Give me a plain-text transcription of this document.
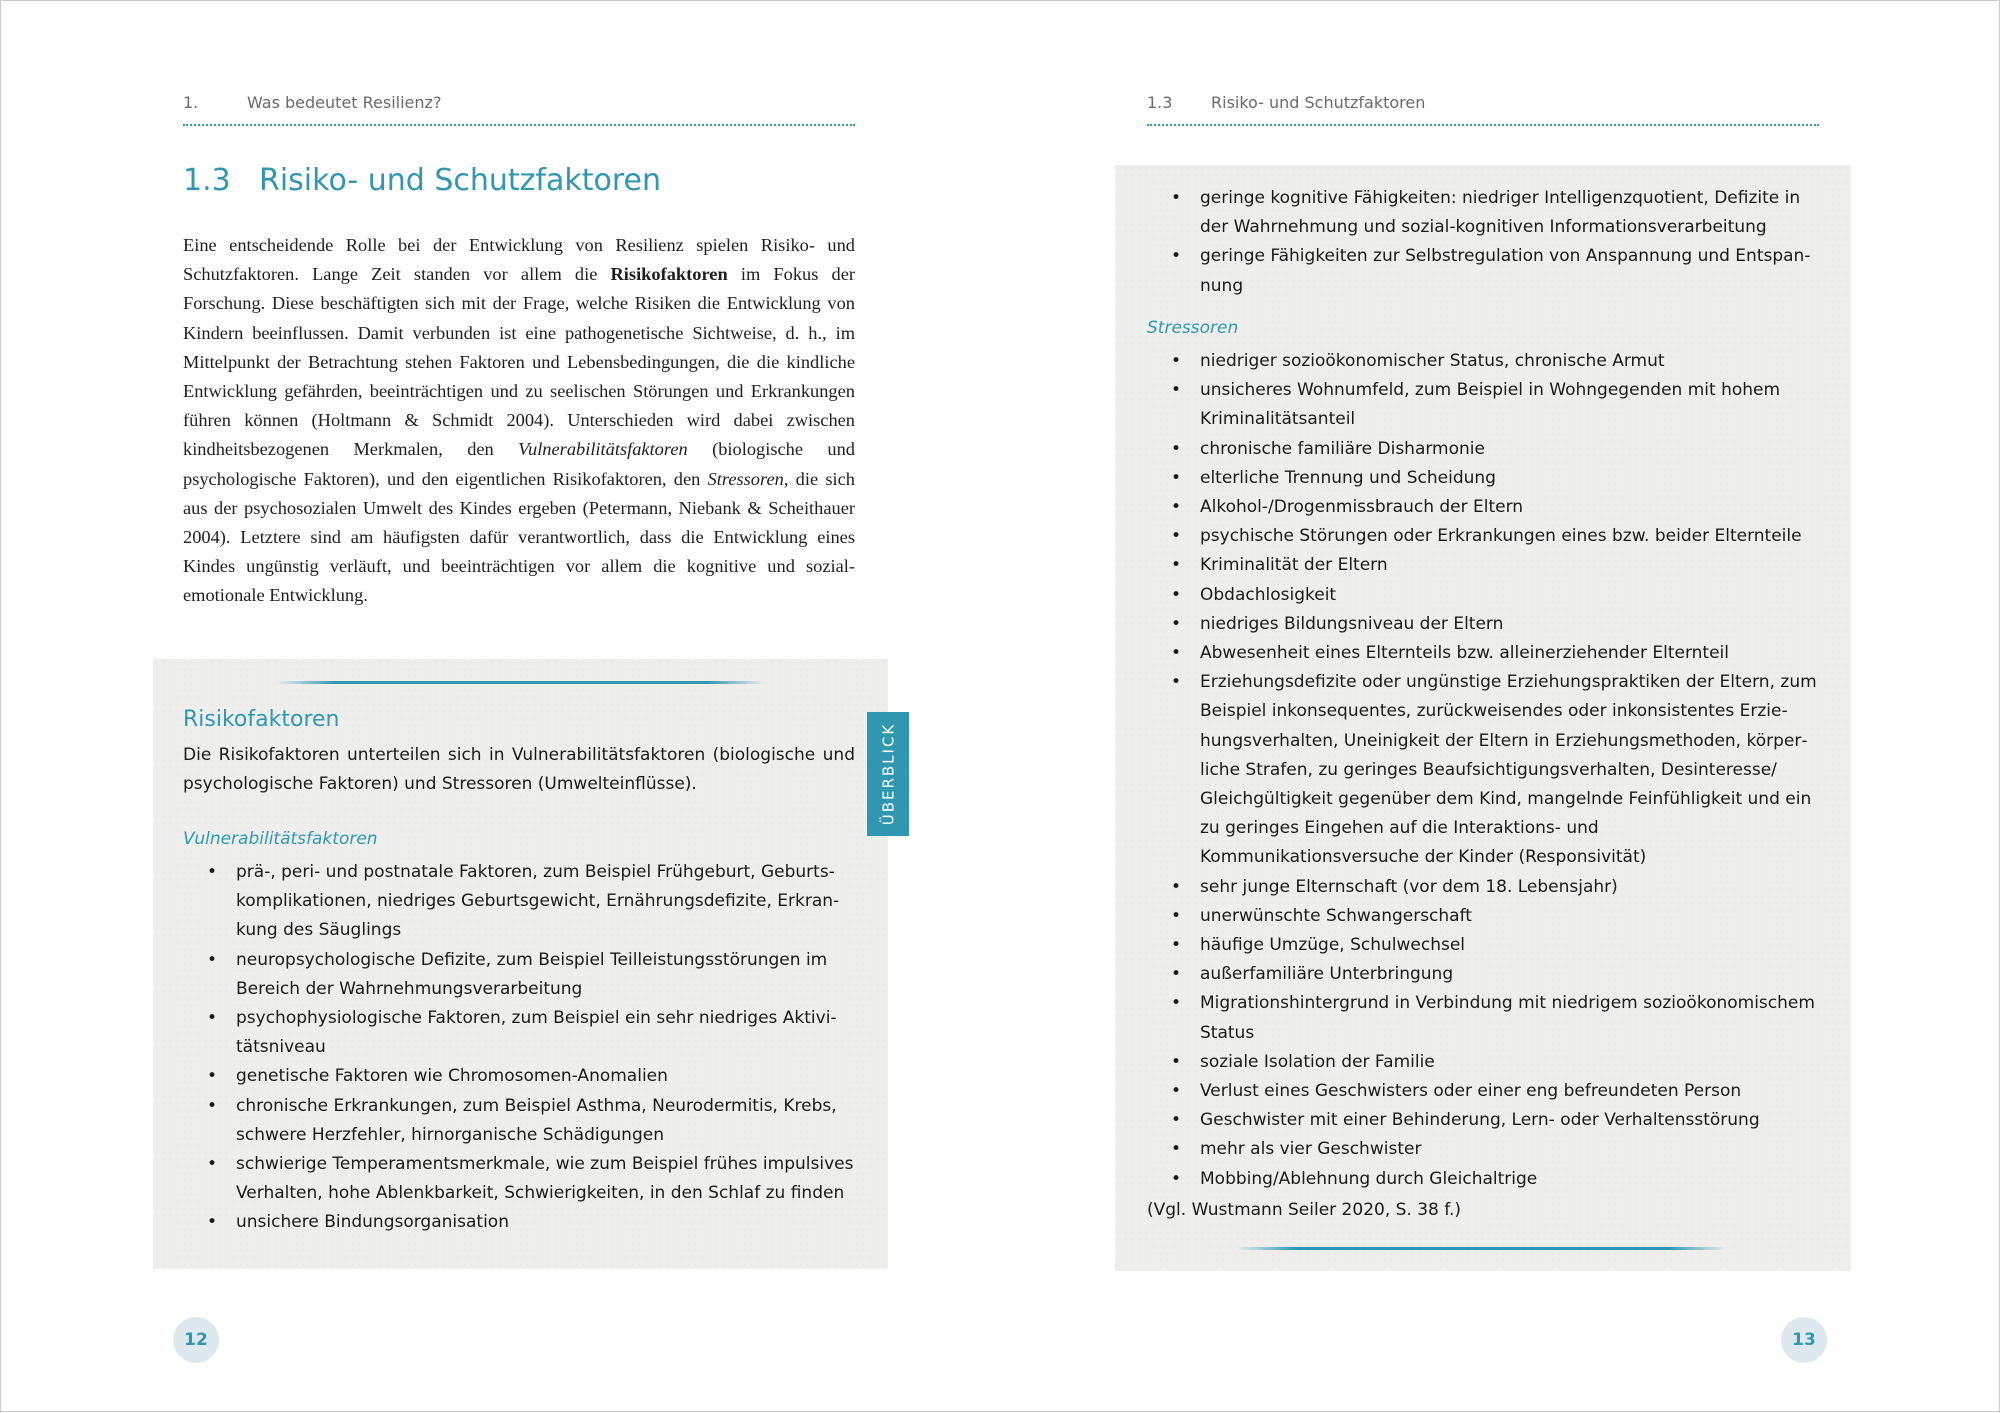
1.	Was bedeutet Resilienz?
1.3 Risiko- und Schutzfaktoren

Eine entscheidende Rolle bei der Entwicklung von Resilienz spielen Risiko- und Schutzfaktoren. Lange Zeit standen vor allem die Risikofaktoren im Fokus der Forschung. Diese beschäftigten sich mit der Frage, welche Risiken die Entwicklung von Kindern beeinflussen. Damit verbunden ist eine pathogenetische Sichtweise, d. h., im Mittelpunkt der Betrachtung stehen Faktoren und Lebensbedingungen, die die kindliche Entwicklung gefährden, beeinträchtigen und zu seelischen Störungen und Erkrankungen führen können (Holtmann & Schmidt 2004). Unterschieden wird dabei zwischen kindheitsbezogenen Merkmalen, den Vulnerabilitätsfaktoren (biologische und psychologische Faktoren), und den eigentlichen Risikofaktoren, den Stressoren, die sich aus der psychosozialen Umwelt des Kindes ergeben (Petermann, Niebank & Scheithauer 2004). Letztere sind am häufigsten dafür verantwortlich, dass die Entwicklung eines Kindes ungünstig verläuft, und beeinträchtigen vor allem die kognitive und sozial-emotionale Entwicklung.

ÜBERBLICK
Risikofaktoren

Die Risikofaktoren unterteilen sich in Vulnerabilitätsfaktoren (biologische und psychologische Faktoren) und Stressoren (Umwelteinflüsse).

Vulnerabilitätsfaktoren
• prä-, peri- und postnatale Faktoren, zum Beispiel Frühgeburt, Geburtskomplikationen, niedriges Geburtsgewicht, Ernährungsdefizite, Erkrankung des Säuglings
• neuropsychologische Defizite, zum Beispiel Teilleistungsstörungen im Bereich der Wahrnehmungsverarbeitung
• psychophysiologische Faktoren, zum Beispiel ein sehr niedriges Aktivitätsniveau
• genetische Faktoren wie Chromosomen-Anomalien
• chronische Erkrankungen, zum Beispiel Asthma, Neurodermitis, Krebs, schwere Herzfehler, hirnorganische Schädigungen
• schwierige Temperamentsmerkmale, wie zum Beispiel frühes impulsives Verhalten, hohe Ablenkbarkeit, Schwierigkeiten, in den Schlaf zu finden
• unsichere Bindungsorganisation
12
1.3 Risiko- und Schutzfaktoren
• geringe kognitive Fähigkeiten: niedriger Intelligenzquotient, Defizite in der Wahrnehmung und sozial-kognitiven Informationsverarbeitung
• geringe Fähigkeiten zur Selbstregulation von Anspannung und Entspannung
Stressoren
• niedriger sozioökonomischer Status, chronische Armut
• unsicheres Wohnumfeld, zum Beispiel in Wohngegenden mit hohem Kriminalitätsanteil
• chronische familiäre Disharmonie
• elterliche Trennung und Scheidung
• Alkohol-/Drogenmissbrauch der Eltern
• psychische Störungen oder Erkrankungen eines bzw. beider Elternteile
• Kriminalität der Eltern
• Obdachlosigkeit
• niedriges Bildungsniveau der Eltern
• Abwesenheit eines Elternteils bzw. alleinerziehender Elternteil
• Erziehungsdefizite oder ungünstige Erziehungspraktiken der Eltern, zum Beispiel inkonsequentes, zurückweisendes oder inkonsistentes Erziehungsverhalten, Uneinigkeit der Eltern in Erziehungsmethoden, körperliche Strafen, zu geringes Beaufsichtigungsverhalten, Desinteresse/ Gleichgültigkeit gegenüber dem Kind, mangelnde Feinfühligkeit und ein zu geringes Eingehen auf die Interaktions- und Kommunikationsversuche der Kinder (Responsivität)
• sehr junge Elternschaft (vor dem 18. Lebensjahr)
• unerwünschte Schwangerschaft
• häufige Umzüge, Schulwechsel
• außerfamiliäre Unterbringung
• Migrationshintergrund in Verbindung mit niedrigem sozioökonomischem Status
• soziale Isolation der Familie
• Verlust eines Geschwisters oder einer eng befreundeten Person
• Geschwister mit einer Behinderung, Lern- oder Verhaltensstörung
• mehr als vier Geschwister
• Mobbing/Ablehnung durch Gleichaltrige

(Vgl. Wustmann Seiler 2020, S. 38 f.)

13
